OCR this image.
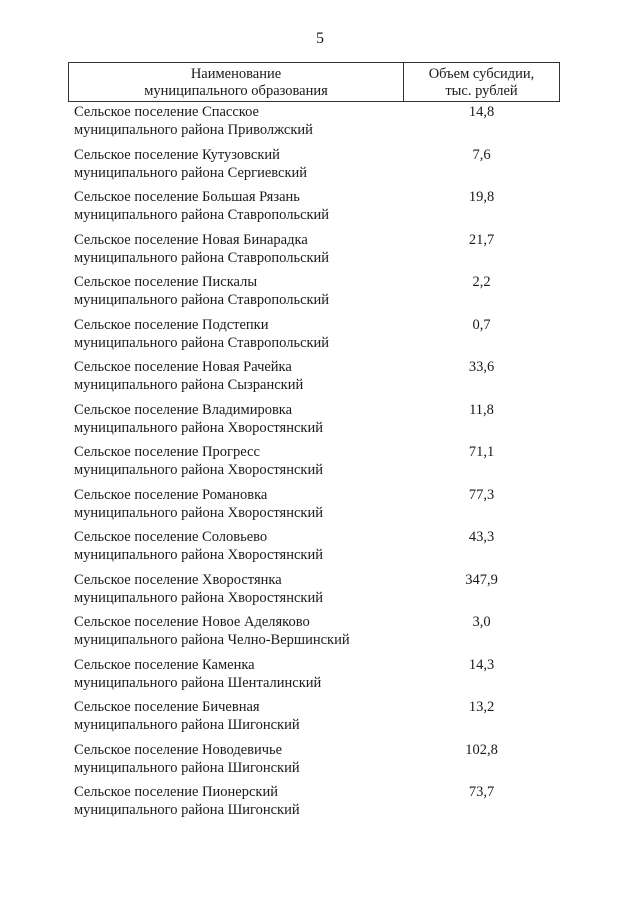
5
Наименование
муниципального образования
Объем субсидии,
тыс. рублей
Сельское поселение Спасское
муниципального района Приволжский
14,8
Сельское поселение Кутузовский
муниципального района Сергиевский
7,6
Сельское поселение Большая Рязань
муниципального района Ставропольский
19,8
Сельское поселение Новая Бинарадка
муниципального района Ставропольский
21,7
Сельское поселение Пискалы
муниципального района Ставропольский
2,2
Сельское поселение Подстепки
муниципального района Ставропольский
0,7
Сельское поселение Новая Рачейка
муниципального района Сызранский
33,6
Сельское поселение Владимировка
муниципального района Хворостянский
11,8
Сельское поселение Прогресс
муниципального района Хворостянский
71,1
Сельское поселение Романовка
муниципального района Хворостянский
77,3
Сельское поселение Соловьево
муниципального района Хворостянский
43,3
Сельское поселение Хворостянка
муниципального района Хворостянский
347,9
Сельское поселение Новое Аделяково
муниципального района Челно-Вершинский
3,0
Сельское поселение Каменка
муниципального района Шенталинский
14,3
Сельское поселение Бичевная
муниципального района Шигонский
13,2
Сельское поселение Новодевичье
муниципального района Шигонский
102,8
Сельское поселение Пионерский
муниципального района Шигонский
73,7
